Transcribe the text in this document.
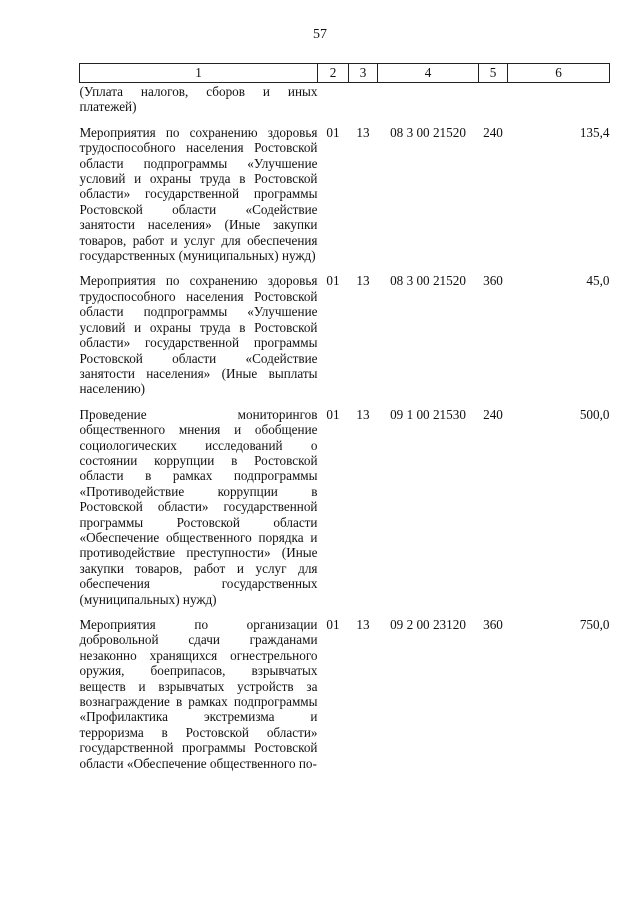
57
1	2	3	4	5	6
(Уплата налогов, сборов и иных платежей)					
Мероприятия по сохранению здоровья трудоспособного населения Ростовской области подпрограммы «Улучшение условий и охраны труда в Ростовской области» государственной программы Ростовской области «Содействие занятости населения» (Иные закупки товаров, работ и услуг для обеспечения государственных (муниципальных) нужд)	01	13	08 3 00 21520	240	135,4
Мероприятия по сохранению здоровья трудоспособного населения Ростовской области подпрограммы «Улучшение условий и охраны труда в Ростовской области» государственной программы Ростовской области «Содействие занятости населения» (Иные выплаты населению)	01	13	08 3 00 21520	360	45,0
Проведение мониторингов общественного мнения и обобщение социологических исследований о состоянии коррупции в Ростовской области в рамках подпрограммы «Противодействие коррупции в Ростовской области» государственной программы Ростовской области «Обеспечение общественного порядка и противодействие преступности» (Иные закупки товаров, работ и услуг для обеспечения государственных (муниципальных) нужд)	01	13	09 1 00 21530	240	500,0
Мероприятия по организации добровольной сдачи гражданами незаконно хранящихся огнестрельного оружия, боеприпасов, взрывчатых веществ и взрывчатых устройств за вознаграждение в рамках подпрограммы «Профилактика экстремизма и терроризма в Ростовской области» государственной программы Ростовской области «Обеспечение общественного по-	01	13	09 2 00 23120	360	750,0
